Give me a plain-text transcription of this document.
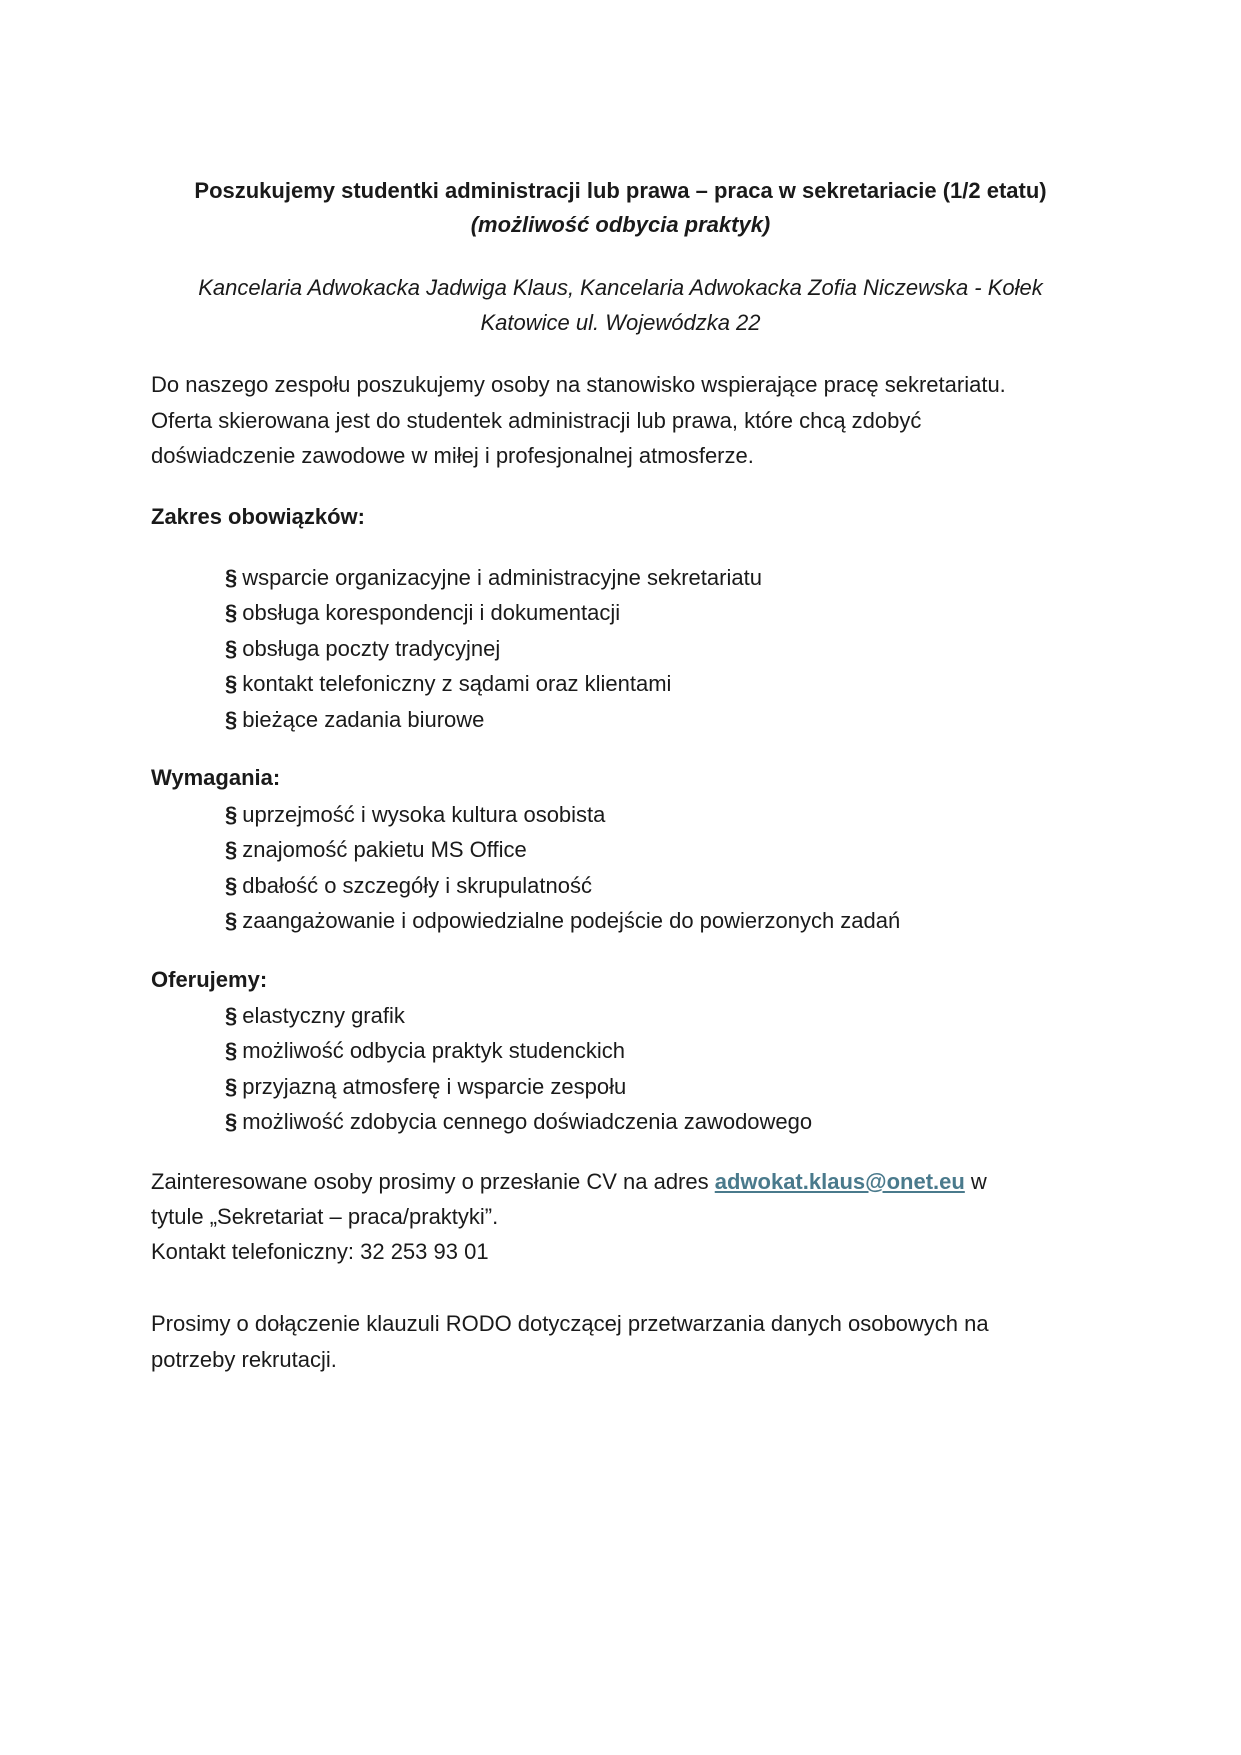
Poszukujemy studentki administracji lub prawa – praca w sekretariacie (1/2 etatu)

(możliwość odbycia praktyk)

Kancelaria Adwokacka Jadwiga Klaus, Kancelaria Adwokacka Zofia Niczewska - Kołek

Katowice ul. Wojewódzka 22

Do naszego zespołu poszukujemy osoby na stanowisko wspierające pracę sekretariatu.

Oferta skierowana jest do studentek administracji lub prawa, które chcą zdobyć

doświadczenie zawodowe w miłej i profesjonalnej atmosferze.

Zakres obowiązków:

§ wsparcie organizacyjne i administracyjne sekretariatu

§ obsługa korespondencji i dokumentacji

§ obsługa poczty tradycyjnej

§ kontakt telefoniczny z sądami oraz klientami

§ bieżące zadania biurowe

Wymagania:

§ uprzejmość i wysoka kultura osobista

§ znajomość pakietu MS Office

§ dbałość o szczegóły i skrupulatność

§ zaangażowanie i odpowiedzialne podejście do powierzonych zadań

Oferujemy:

§ elastyczny grafik

§ możliwość odbycia praktyk studenckich

§ przyjazną atmosferę i wsparcie zespołu

§ możliwość zdobycia cennego doświadczenia zawodowego

Zainteresowane osoby prosimy o przesłanie CV na adres adwokat.klaus@onet.eu w

tytule „Sekretariat – praca/praktyki”.

Kontakt telefoniczny: 32 253 93 01

Prosimy o dołączenie klauzuli RODO dotyczącej przetwarzania danych osobowych na

potrzeby rekrutacji.
